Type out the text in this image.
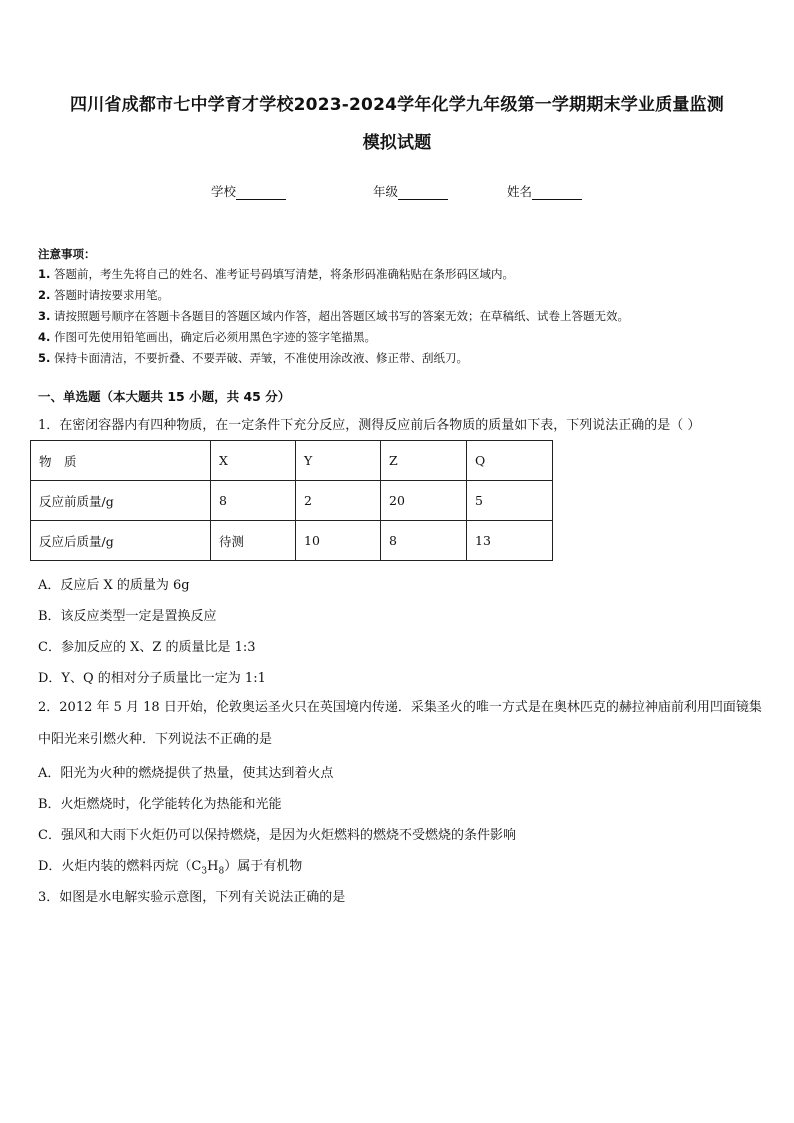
四川省成都市七中学育才学校2023-2024学年化学九年级第一学期期末学业质量监测
模拟试题
学校	年级	姓名
注意事项：
1. 答题前，考生先将自己的姓名、准考证号码填写清楚，将条形码准确粘贴在条形码区域内。
2. 答题时请按要求用笔。
3. 请按照题号顺序在答题卡各题目的答题区域内作答，超出答题区域书写的答案无效；在草稿纸、试卷上答题无效。
4. 作图可先使用铅笔画出，确定后必须用黑色字迹的签字笔描黑。
5. 保持卡面清洁，不要折叠、不要弄破、弄皱，不准使用涂改液、修正带、刮纸刀。
一、单选题（本大题共 15 小题，共 45 分）
1．在密闭容器内有四种物质，在一定条件下充分反应，测得反应前后各物质的质量如下表，下列说法正确的是（ ）
物　质	X	Y	Z	Q
反应前质量/g	8	2	20	5
反应后质量/g	待测	10	8	13
A．反应后 X 的质量为 6g
B．该反应类型一定是置换反应
C．参加反应的 X、Z 的质量比是 1:3
D．Y、Q 的相对分子质量比一定为 1:1
2．2012 年 5 月 18 日开始，伦敦奥运圣火只在英国境内传递．采集圣火的唯一方式是在奥林匹克的赫拉神庙前利用凹面镜集中阳光来引燃火种．下列说法不正确的是
A．阳光为火种的燃烧提供了热量，使其达到着火点
B．火炬燃烧时，化学能转化为热能和光能
C．强风和大雨下火炬仍可以保持燃烧，是因为火炬燃料的燃烧不受燃烧的条件影响
D．火炬内装的燃料丙烷$(C_3H_8)$属于有机物
3．如图是水电解实验示意图，下列有关说法正确的是
